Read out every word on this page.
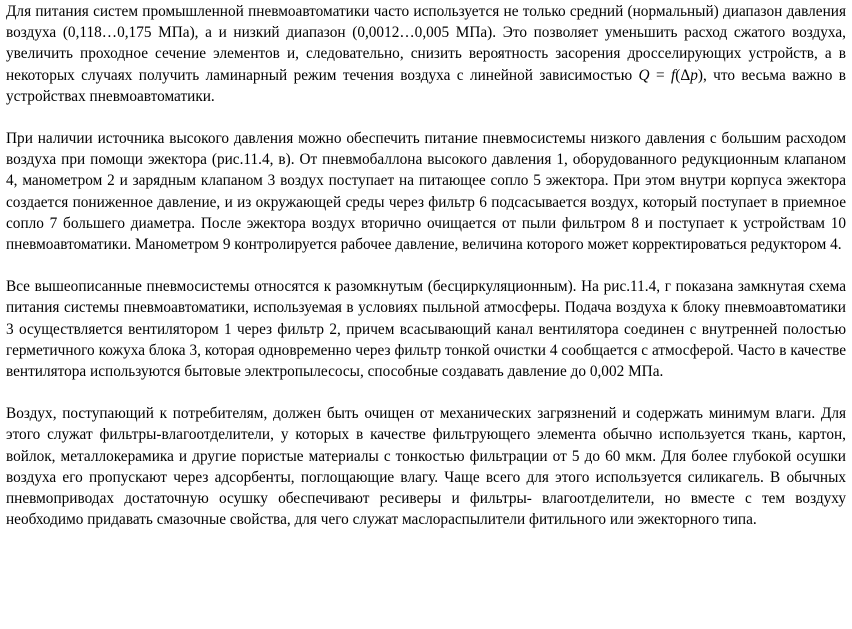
Для питания систем промышленной пневмоавтоматики часто используется не только средний (нормальный) диапазон давления воздуха (0,118…0,175 МПа), а и низкий диапазон (0,0012…0,005 МПа). Это позволяет уменьшить расход сжатого воздуха, увеличить проходное сечение элементов и, следовательно, снизить вероятность засорения дросселирующих устройств, а в некоторых случаях получить ламинарный режим течения воздуха с линейной зависимостью Q = f(Δp), что весьма важно в устройствах пневмоавтоматики.

При наличии источника высокого давления можно обеспечить питание пневмосистемы низкого давления с большим расходом воздуха при помощи эжектора (рис.11.4, в). От пневмобаллона высокого давления 1, оборудованного редукционным клапаном 4, манометром 2 и зарядным клапаном 3 воздух поступает на питающее сопло 5 эжектора. При этом внутри корпуса эжектора создается пониженное давление, и из окружающей среды через фильтр 6 подсасывается воздух, который поступает в приемное сопло 7 большего диаметра. После эжектора воздух вторично очищается от пыли фильтром 8 и поступает к устройствам 10 пневмоавтоматики. Манометром 9 контролируется рабочее давление, величина которого может корректироваться редуктором 4.

Все вышеописанные пневмосистемы относятся к разомкнутым (бесциркуляционным). На рис.11.4, г показана замкнутая схема питания системы пневмоавтоматики, используемая в условиях пыльной атмосферы. Подача воздуха к блоку пневмоавтоматики 3 осуществляется вентилятором 1 через фильтр 2, причем всасывающий канал вентилятора соединен с внутренней полостью герметичного кожуха блока 3, которая одновременно через фильтр тонкой очистки 4 сообщается с атмосферой. Часто в качестве вентилятора используются бытовые электропылесосы, способные создавать давление до 0,002 МПа.

Воздух, поступающий к потребителям, должен быть очищен от механических загрязнений и содержать минимум влаги. Для этого служат фильтры-влагоотделители, у которых в качестве фильтрующего элемента обычно используется ткань, картон, войлок, металлокерамика и другие пористые материалы с тонкостью фильтрации от 5 до 60 мкм. Для более глубокой осушки воздуха его пропускают через адсорбенты, поглощающие влагу. Чаще всего для этого используется силикагель. В обычных пневмоприводах достаточную осушку обеспечивают ресиверы и фильтры- влагоотделители, но вместе с тем воздуху необходимо придавать смазочные свойства, для чего служат маслораспылители фитильного или эжекторного типа.
